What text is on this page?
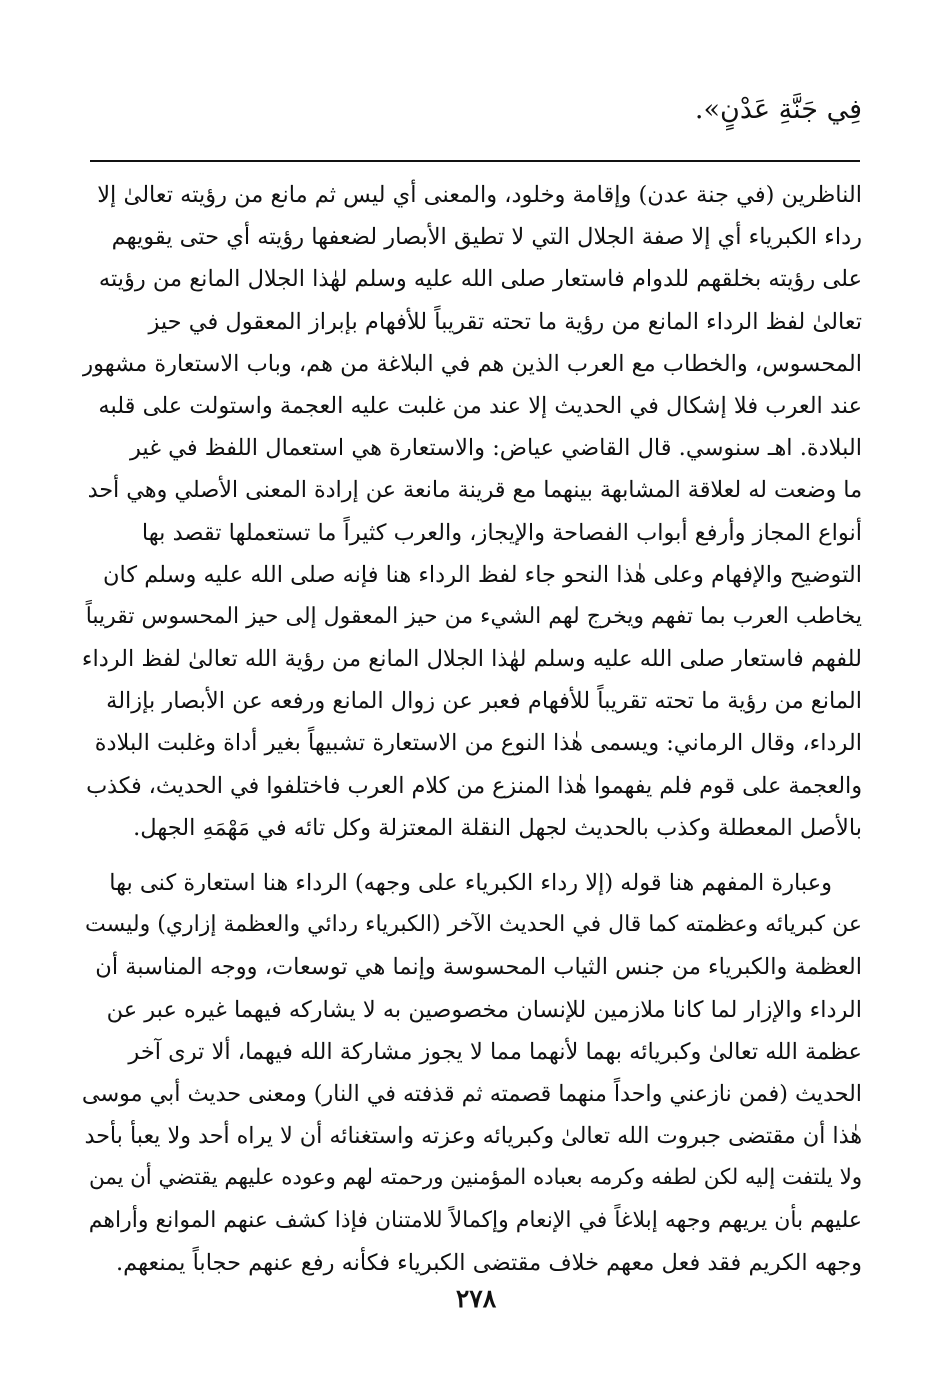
فِي جَنَّةِ عَدْنٍ».
الناظرين (في جنة عدن) وإقامة وخلود، والمعنى أي ليس ثم مانع من رؤيته تعالىٰ إلا
رداء الكبرياء أي إلا صفة الجلال التي لا تطيق الأبصار لضعفها رؤيته أي حتى يقويهم
على رؤيته بخلقهم للدوام فاستعار صلى الله عليه وسلم لهٰذا الجلال المانع من رؤيته
تعالىٰ لفظ الرداء المانع من رؤية ما تحته تقريباً للأفهام بإبراز المعقول في حيز
المحسوس، والخطاب مع العرب الذين هم في البلاغة من هم، وباب الاستعارة مشهور
عند العرب فلا إشكال في الحديث إلا عند من غلبت عليه العجمة واستولت على قلبه
البلادة. اهـ سنوسي. قال القاضي عياض: والاستعارة هي استعمال اللفظ في غير
ما وضعت له لعلاقة المشابهة بينهما مع قرينة مانعة عن إرادة المعنى الأصلي وهي أحد
أنواع المجاز وأرفع أبواب الفصاحة والإيجاز، والعرب كثيراً ما تستعملها تقصد بها
التوضيح والإفهام وعلى هٰذا النحو جاء لفظ الرداء هنا فإنه صلى الله عليه وسلم كان
يخاطب العرب بما تفهم ويخرج لهم الشيء من حيز المعقول إلى حيز المحسوس تقريباً
للفهم فاستعار صلى الله عليه وسلم لهٰذا الجلال المانع من رؤية الله تعالىٰ لفظ الرداء
المانع من رؤية ما تحته تقريباً للأفهام فعبر عن زوال المانع ورفعه عن الأبصار بإزالة
الرداء، وقال الرماني: ويسمى هٰذا النوع من الاستعارة تشبيهاً بغير أداة وغلبت البلادة
والعجمة على قوم فلم يفهموا هٰذا المنزع من كلام العرب فاختلفوا في الحديث، فكذب
بالأصل المعطلة وكذب بالحديث لجهل النقلة المعتزلة وكل تائه في مَهْمَهِ الجهل.
وعبارة المفهم هنا قوله (إلا رداء الكبرياء على وجهه) الرداء هنا استعارة كنى بها
عن كبريائه وعظمته كما قال في الحديث الآخر (الكبرياء ردائي والعظمة إزاري) وليست
العظمة والكبرياء من جنس الثياب المحسوسة وإنما هي توسعات، ووجه المناسبة أن
الرداء والإزار لما كانا ملازمين للإنسان مخصوصين به لا يشاركه فيهما غيره عبر عن
عظمة الله تعالىٰ وكبريائه بهما لأنهما مما لا يجوز مشاركة الله فيهما، ألا ترى آخر
الحديث (فمن نازعني واحداً منهما قصمته ثم قذفته في النار) ومعنى حديث أبي موسى
هٰذا أن مقتضى جبروت الله تعالىٰ وكبريائه وعزته واستغنائه أن لا يراه أحد ولا يعبأ بأحد
ولا يلتفت إليه لكن لطفه وكرمه بعباده المؤمنين ورحمته لهم وعوده عليهم يقتضي أن يمن
عليهم بأن يريهم وجهه إبلاغاً في الإنعام وإكمالاً للامتنان فإذا كشف عنهم الموانع وأراهم
وجهه الكريم فقد فعل معهم خلاف مقتضى الكبرياء فكأنه رفع عنهم حجاباً يمنعهم.
٢٧٨
